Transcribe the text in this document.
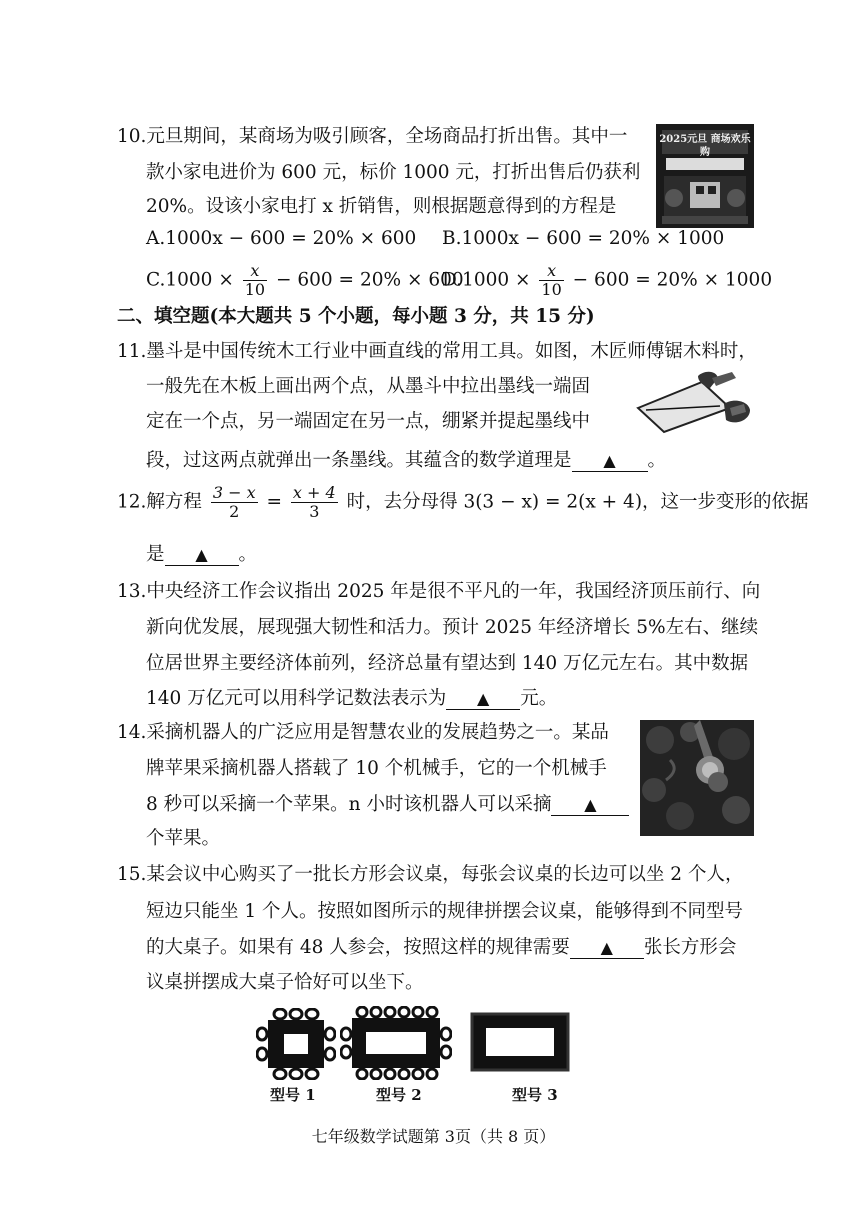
10.元旦期间，某商场为吸引顾客，全场商品打折出售。其中一
款小家电进价为 600 元，标价 1000 元，打折出售后仍获利
20%。设该小家电打 x 折销售，则根据题意得到的方程是
A.1000x − 600 = 20% × 600 B.1000x − 600 = 20% × 1000
$C.1000 \times \frac{x}{10} - 600 = 20\% \times 600$
$D.1000 \times \frac{x}{10} - 600 = 20\% \times 1000$
2025元旦 商场欢乐购
二、填空题(本大题共 5 个小题，每小题 3 分，共 15 分)
11.墨斗是中国传统木工行业中画直线的常用工具。如图，木匠师傅锯木料时，
一般先在木板上画出两个点，从墨斗中拉出墨线一端固
定在一个点，另一端固定在另一点，绷紧并提起墨线中
段，过这两点就弹出一条墨线。其蕴含的数学道理是 ▲ 。
12.解方程 $\frac{3 - x}{2} = \frac{x + 4}{3}$ 时，去分母得 3(3 − x) = 2(x + 4)，这一步变形的依据
是 ▲ 。
13.中央经济工作会议指出 2025 年是很不平凡的一年，我国经济顶压前行、向
新向优发展，展现强大韧性和活力。预计 2025 年经济增长 5%左右、继续
位居世界主要经济体前列，经济总量有望达到 140 万亿元左右。其中数据
140 万亿元可以用科学记数法表示为 ▲ 元。
14.采摘机器人的广泛应用是智慧农业的发展趋势之一。某品
牌苹果采摘机器人搭载了 10 个机械手，它的一个机械手
8 秒可以采摘一个苹果。n 小时该机器人可以采摘 ▲
个苹果。
15.某会议中心购买了一批长方形会议桌，每张会议桌的长边可以坐 2 个人，
短边只能坐 1 个人。按照如图所示的规律拼摆会议桌，能够得到不同型号
的大桌子。如果有 48 人参会，按照这样的规律需要 ▲ 张长方形会
议桌拼摆成大桌子恰好可以坐下。
型号 1	型号 2	型号 3
七年级数学试题第 3页（共 8 页）
